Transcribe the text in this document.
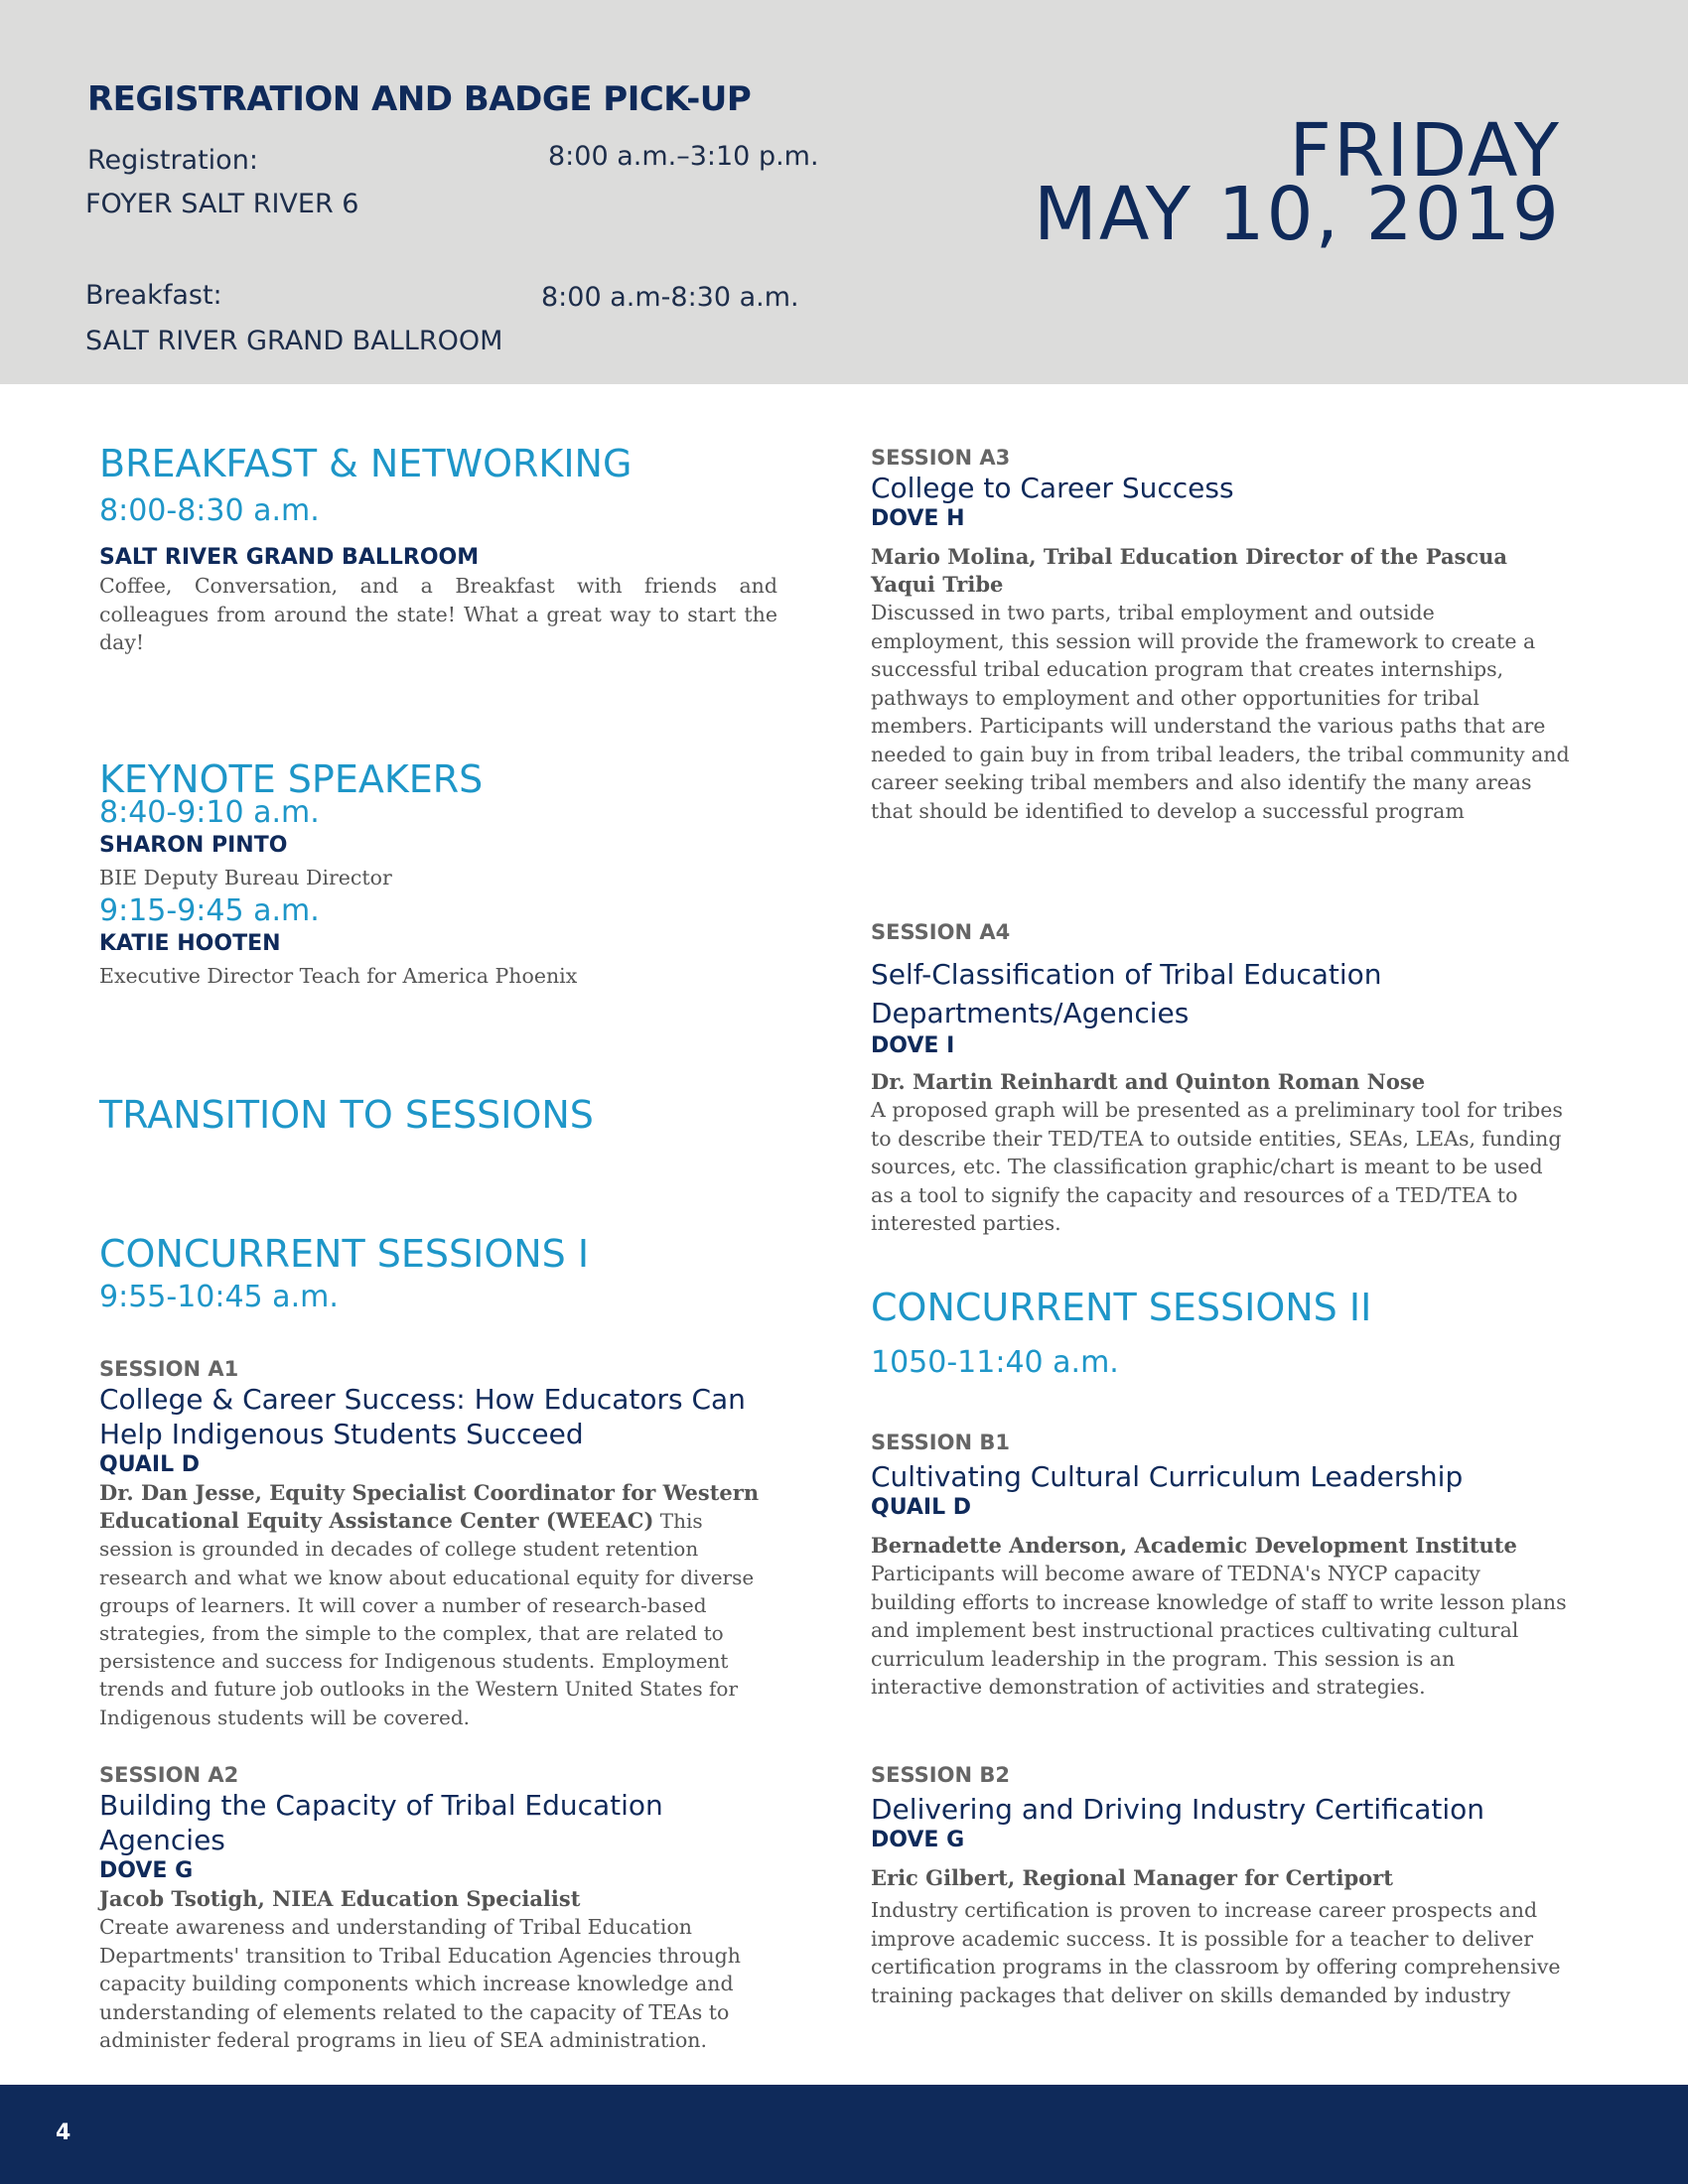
REGISTRATION AND BADGE PICK-UP
Registration:	8:00 a.m.–3:10 p.m.
FOYER SALT RIVER 6
Breakfast:	8:00 a.m-8:30 a.m.
SALT RIVER GRAND BALLROOM
FRIDAY
MAY 10, 2019
BREAKFAST & NETWORKING

8:00-8:30 a.m.

SALT RIVER GRAND BALLROOM

Coffee, Conversation, and a Breakfast with friends and colleagues from around the state! What a great way to start the day!

KEYNOTE SPEAKERS

8:40-9:10 a.m.

SHARON PINTO

BIE Deputy Bureau Director

9:15-9:45 a.m.

KATIE HOOTEN

Executive Director Teach for America Phoenix

TRANSITION TO SESSIONS
CONCURRENT SESSIONS I

9:55-10:45 a.m.

SESSION A1

College & Career Success: How Educators Can Help Indigenous Students Succeed

QUAIL D

Dr. Dan Jesse, Equity Specialist Coordinator for Western Educational Equity Assistance Center (WEEAC) This session is grounded in decades of college student retention research and what we know about educational equity for diverse groups of learners. It will cover a number of research-based strategies, from the simple to the complex, that are related to persistence and success for Indigenous students. Employment trends and future job outlooks in the Western United States for Indigenous students will be covered.

SESSION A2

Building the Capacity of Tribal Education Agencies

DOVE G

Jacob Tsotigh, NIEA Education Specialist

Create awareness and understanding of Tribal Education Departments' transition to Tribal Education Agencies through capacity building components which increase knowledge and understanding of elements related to the capacity of TEAs to administer federal programs in lieu of SEA administration.

SESSION A3

College to Career Success

DOVE H

Mario Molina, Tribal Education Director of the Pascua Yaqui Tribe

Discussed in two parts, tribal employment and outside employment, this session will provide the framework to create a successful tribal education program that creates internships, pathways to employment and other opportunities for tribal members. Participants will understand the various paths that are needed to gain buy in from tribal leaders, the tribal community and career seeking tribal members and also identify the many areas that should be identified to develop a successful program

SESSION A4

Self-Classification of Tribal Education Departments/Agencies

DOVE I

Dr. Martin Reinhardt and Quinton Roman Nose

A proposed graph will be presented as a preliminary tool for tribes to describe their TED/TEA to outside entities, SEAs, LEAs, funding sources, etc. The classification graphic/chart is meant to be used as a tool to signify the capacity and resources of a TED/TEA to interested parties.

CONCURRENT SESSIONS II

1050-11:40 a.m.

SESSION B1

Cultivating Cultural Curriculum Leadership

QUAIL D

Bernadette Anderson, Academic Development Institute

Participants will become aware of TEDNA's NYCP capacity building efforts to increase knowledge of staff to write lesson plans and implement best instructional practices cultivating cultural curriculum leadership in the program. This session is an interactive demonstration of activities and strategies.

SESSION B2

Delivering and Driving Industry Certification

DOVE G

Eric Gilbert, Regional Manager for Certiport

Industry certification is proven to increase career prospects and improve academic success. It is possible for a teacher to deliver certification programs in the classroom by offering comprehensive training packages that deliver on skills demanded by industry

4
